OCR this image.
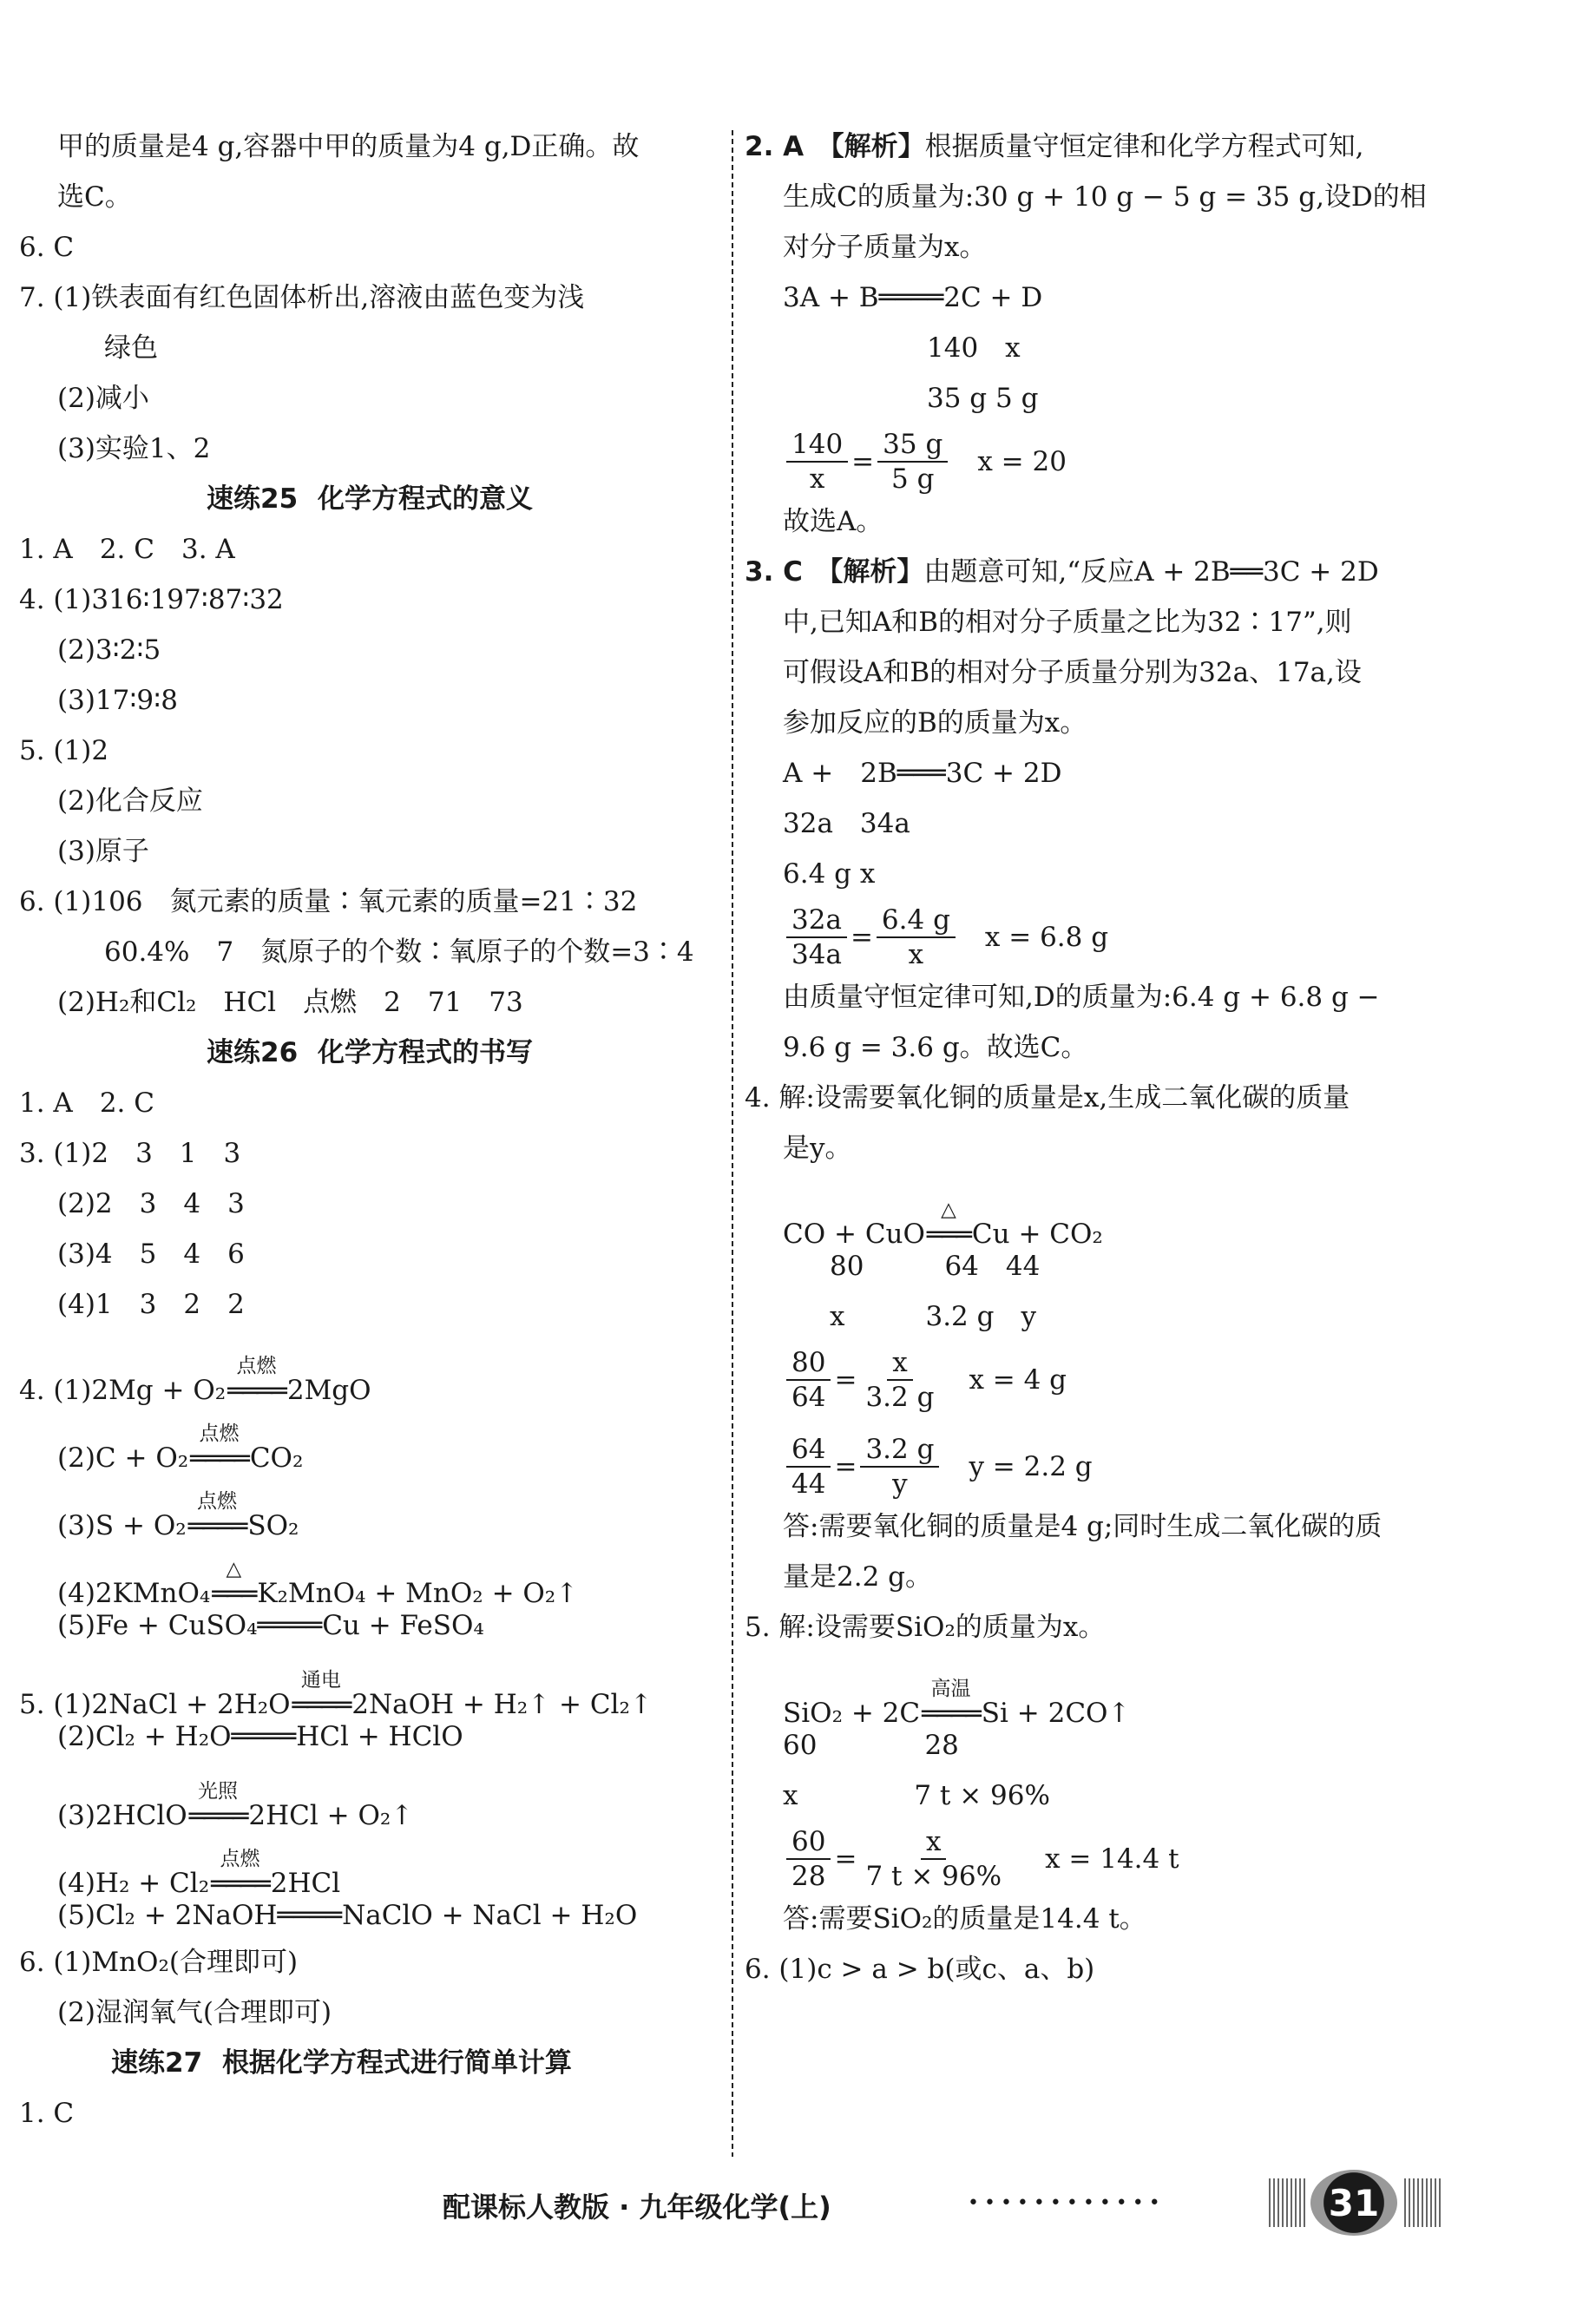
甲的质量是4 g,容器中甲的质量为4 g,D正确。故
选C。
6. C
7. (1)铁表面有红色固体析出,溶液由蓝色变为浅
绿色
(2)减小
(3)实验1、2
速练25 化学方程式的意义
1. A　2. C　3. A
4. (1)316∶197∶87∶32
(2)3∶2∶5
(3)17∶9∶8
5. (1)2
(2)化合反应
(3)原子
6. (1)106　氮元素的质量∶氧元素的质量=21∶32
60.4%　7　氮原子的个数∶氧原子的个数=3∶4
(2)H₂和Cl₂　HCl　点燃　2　71　73
速练26 化学方程式的书写
1. A　2. C
3. (1)2　3　1　3
(2)2　3　4　3
(3)4　5　4　6
(4)1　3　2　2
4. (1)2Mg + O₂
点燃
════ 2MgO
(2)C + O₂
点燃
════ CO₂
(3)S + O₂
点燃
════ SO₂
(4)2KMnO₄
△
═══ K₂MnO₄ + MnO₂ + O₂↑
(5)Fe + CuSO₄════Cu + FeSO₄
5. (1)2NaCl + 2H₂O
通电
════ 2NaOH + H₂↑ + Cl₂↑
(2)Cl₂ + H₂O════HCl + HClO
(3)2HClO
光照
════ 2HCl + O₂↑
(4)H₂ + Cl₂
点燃
════ 2HCl
(5)Cl₂ + 2NaOH════NaClO + NaCl + H₂O
6. (1)MnO₂(合理即可)
(2)湿润氧气(合理即可)
速练27 根据化学方程式进行简单计算
1. C
2. A　【解析】根据质量守恒定律和化学方程式可知,
生成C的质量为:30 g + 10 g − 5 g = 35 g,设D的相
对分子质量为x。
3A + B════2C + D
140　x
35 g 5 g
$\frac{140}{x} = \frac{35 g}{5 g}$ x = 20
故选A。
3. C　【解析】由题意可知,“反应A + 2B══3C + 2D
中,已知A和B的相对分子质量之比为32∶17”,则
可假设A和B的相对分子质量分别为32a、17a,设
参加反应的B的质量为x。
A +　2B═══3C + 2D
32a　34a
6.4 g x
$\frac{32a}{34a} = \frac{6.4 g}{x}$ x = 6.8 g
由质量守恒定律可知,D的质量为:6.4 g + 6.8 g −
9.6 g = 3.6 g。故选C。
4. 解:设需要氧化铜的质量是x,生成二氧化碳的质量
是y。
CO + CuO
△
═══ Cu + CO₂
80　　　64　44
x　　　3.2 g　y
$\frac{80}{64} = \frac{x}{3.2 g}$ x = 4 g
$\frac{64}{44} = \frac{3.2 g}{y}$ y = 2.2 g
答:需要氧化铜的质量是4 g;同时生成二氧化碳的质
量是2.2 g。
5. 解:设需要SiO₂的质量为x。
SiO₂ + 2C
高温
════ Si + 2CO↑
60　　　　28
x　　　　 7 t × 96%
$\frac{60}{28} = \frac{x}{7 t \times 96\%}$ x = 14.4 t
答:需要SiO₂的质量是14.4 t。
6. (1)c > a > b(或c、a、b)
配课标人教版 · 九年级化学(上)	••••••••••••	31
